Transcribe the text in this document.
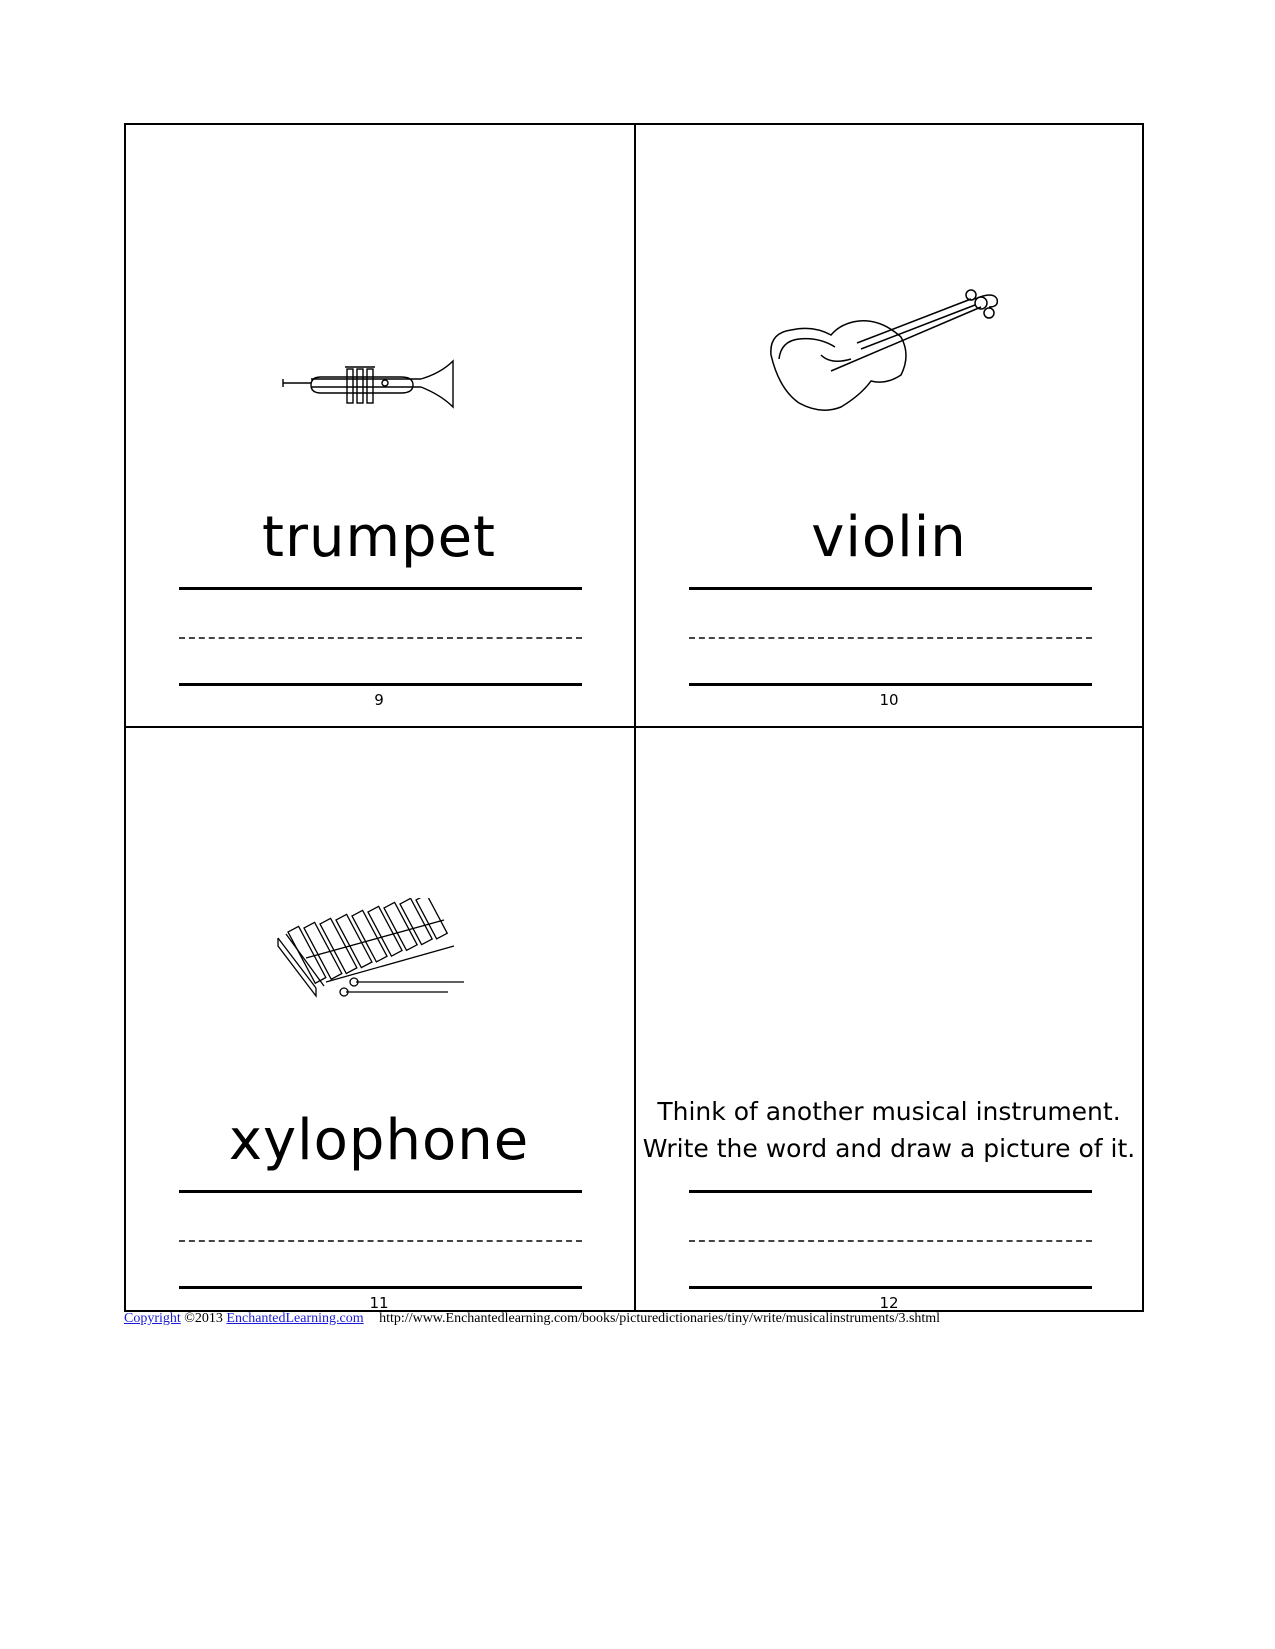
trumpet
9
violin
10
xylophone
11
Think of another musical instrument.
Write the word and draw a picture of it.
12
Copyright ©2013 EnchantedLearning.com http://www.Enchantedlearning.com/books/picturedictionaries/tiny/write/musicalinstruments/3.shtml
